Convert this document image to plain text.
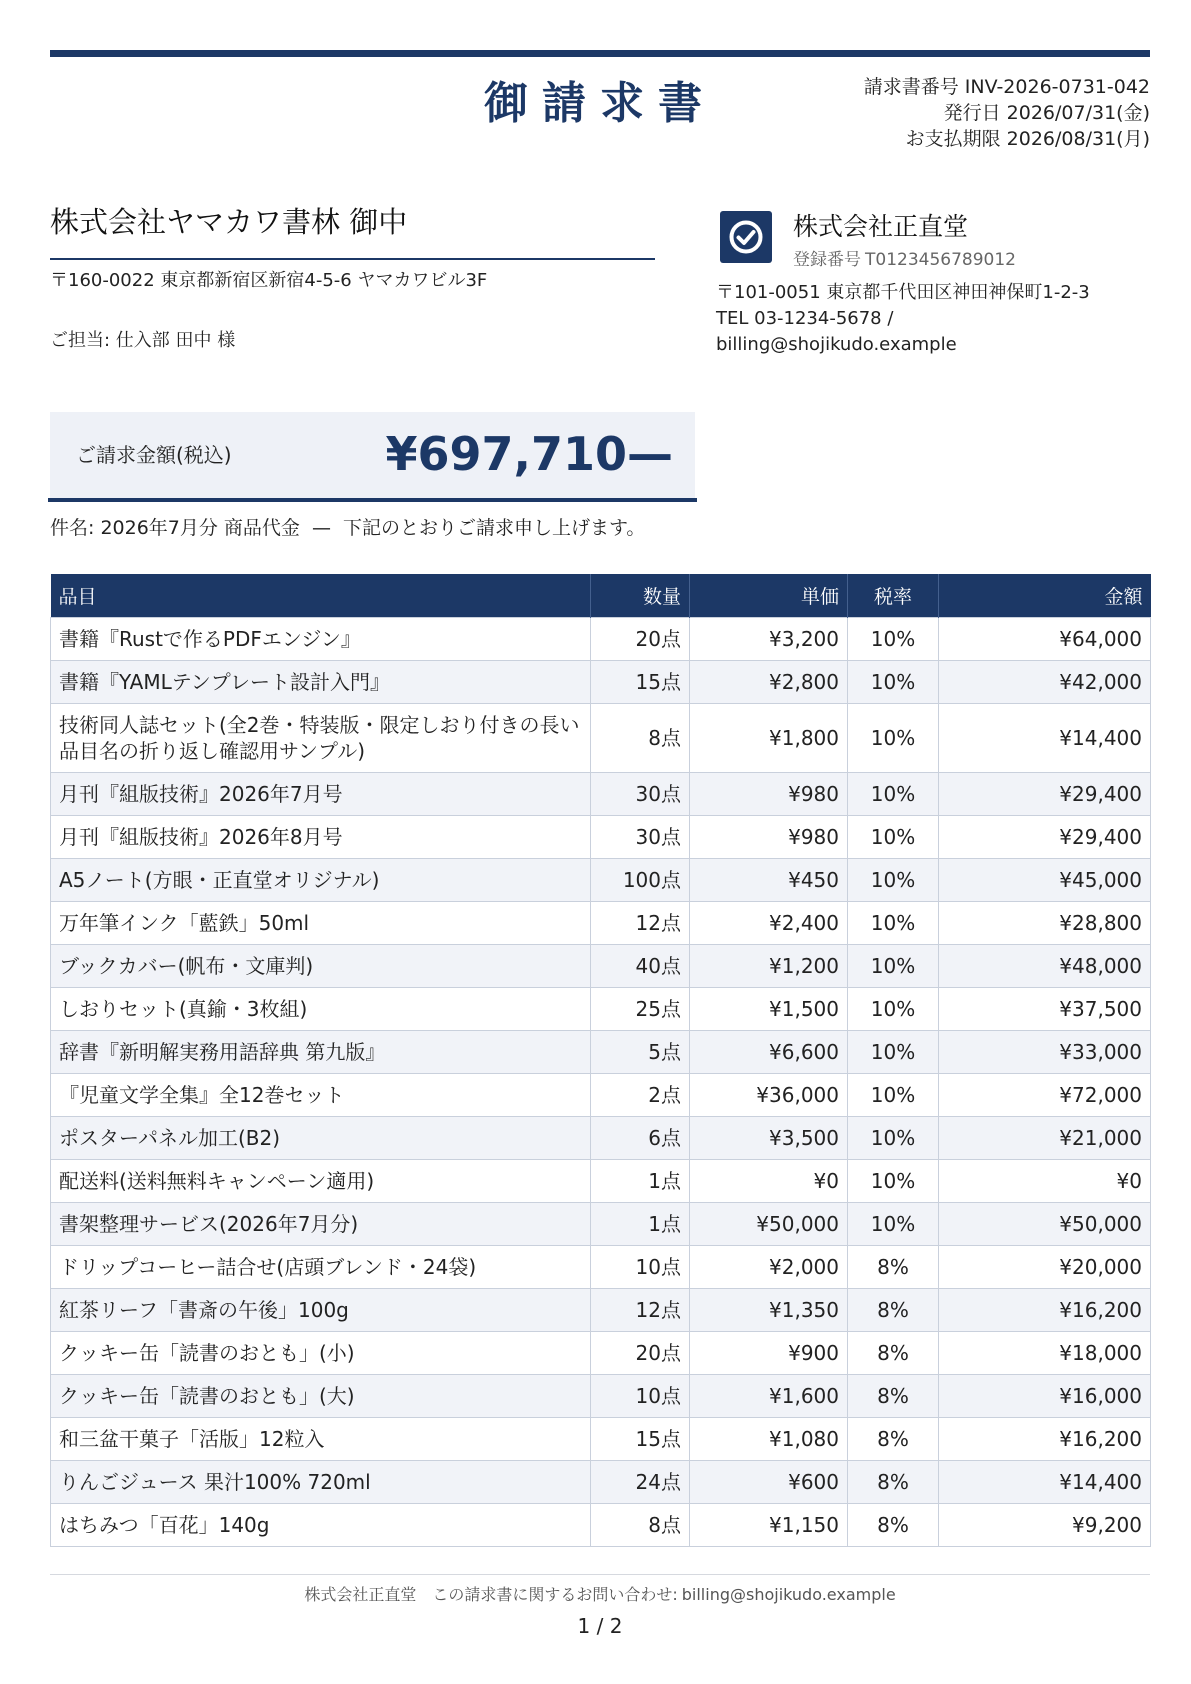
御請求書	請求書番号 INV-2026-0731-042
発行日 2026/07/31(金)
お支払期限 2026/08/31(月)
株式会社ヤマカワ書林 御中
〒160-0022 東京都新宿区新宿4-5-6 ヤマカワビル3F
ご担当: 仕入部 田中 様
株式会社正直堂
登録番号 T0123456789012
〒101-0051 東京都千代田区神田神保町1-2-3
TEL 03-1234-5678 /
billing@shojikudo.example
ご請求金額(税込)	¥697,710—
件名: 2026年7月分 商品代金 — 下記のとおりご請求申し上げます。
品目	数量	単価	税率	金額
書籍『Rustで作るPDFエンジン』	20点	¥3,200	10%	¥64,000
書籍『YAMLテンプレート設計入門』	15点	¥2,800	10%	¥42,000
技術同人誌セット(全2巻・特装版・限定しおり付きの長い品目名の折り返し確認用サンプル)	8点	¥1,800	10%	¥14,400
月刊『組版技術』2026年7月号	30点	¥980	10%	¥29,400
月刊『組版技術』2026年8月号	30点	¥980	10%	¥29,400
A5ノート(方眼・正直堂オリジナル)	100点	¥450	10%	¥45,000
万年筆インク「藍鉄」50ml	12点	¥2,400	10%	¥28,800
ブックカバー(帆布・文庫判)	40点	¥1,200	10%	¥48,000
しおりセット(真鍮・3枚組)	25点	¥1,500	10%	¥37,500
辞書『新明解実務用語辞典 第九版』	5点	¥6,600	10%	¥33,000
『児童文学全集』全12巻セット	2点	¥36,000	10%	¥72,000
ポスターパネル加工(B2)	6点	¥3,500	10%	¥21,000
配送料(送料無料キャンペーン適用)	1点	¥0	10%	¥0
書架整理サービス(2026年7月分)	1点	¥50,000	10%	¥50,000
ドリップコーヒー詰合せ(店頭ブレンド・24袋)	10点	¥2,000	8%	¥20,000
紅茶リーフ「書斎の午後」100g	12点	¥1,350	8%	¥16,200
クッキー缶「読書のおとも」(小)	20点	¥900	8%	¥18,000
クッキー缶「読書のおとも」(大)	10点	¥1,600	8%	¥16,000
和三盆干菓子「活版」12粒入	15点	¥1,080	8%	¥16,200
りんごジュース 果汁100% 720ml	24点	¥600	8%	¥14,400
はちみつ「百花」140g	8点	¥1,150	8%	¥9,200
株式会社正直堂　 この請求書に関するお問い合わせ: billing@shojikudo.example
1 / 2
